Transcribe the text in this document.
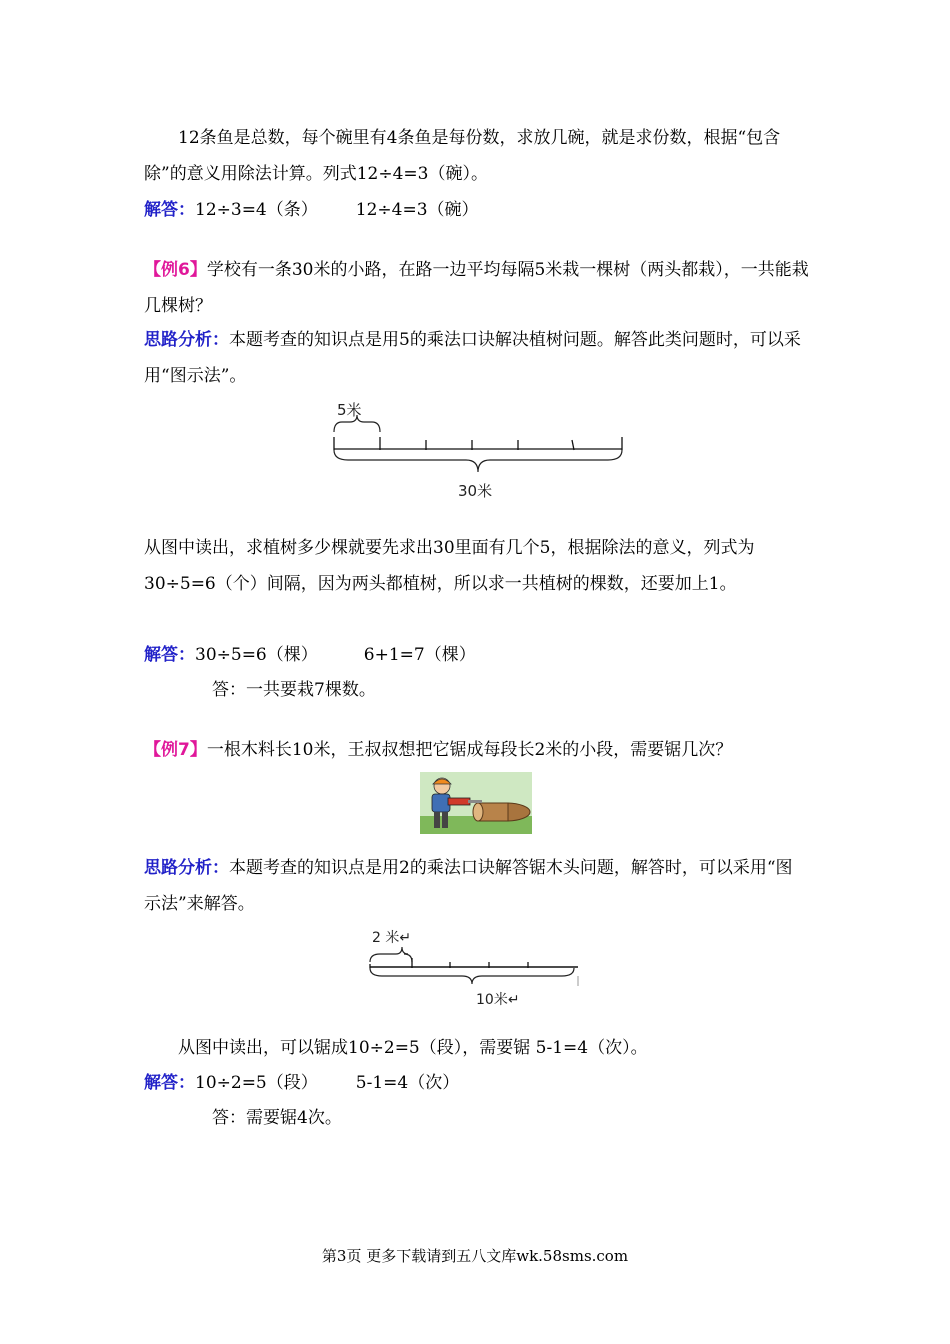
12条鱼是总数，每个碗里有4条鱼是每份数，求放几碗，就是求份数，根据“包含除”的意义用除法计算。列式12÷4=3（碗）。

解答：12÷3=4（条） 12÷4=3（碗）

【例6】学校有一条30米的小路，在路一边平均每隔5米栽一棵树（两头都栽），一共能栽几棵树？

思路分析：本题考查的知识点是用5的乘法口诀解决植树问题。解答此类问题时，可以采用“图示法”。

5米
30米

从图中读出，求植树多少棵就要先求出30里面有几个5，根据除法的意义，列式为30÷5=6（个）间隔，因为两头都植树，所以求一共植树的棵数，还要加上1。

解答：30÷5=6（棵）	6+1=7（棵）

答：一共要栽7棵数。

【例7】一根木料长10米，王叔叔想把它锯成每段长2米的小段，需要锯几次？

思路分析：本题考查的知识点是用2的乘法口诀解答锯木头问题，解答时，可以采用“图示法”来解答。

2 米↵
10米↵

从图中读出，可以锯成10÷2=5（段），需要锯 5-1=4（次）。

解答：10÷2=5（段） 5-1=4（次）

答：需要锯4次。

第3页 更多下载请到五八文库wk.58sms.com
